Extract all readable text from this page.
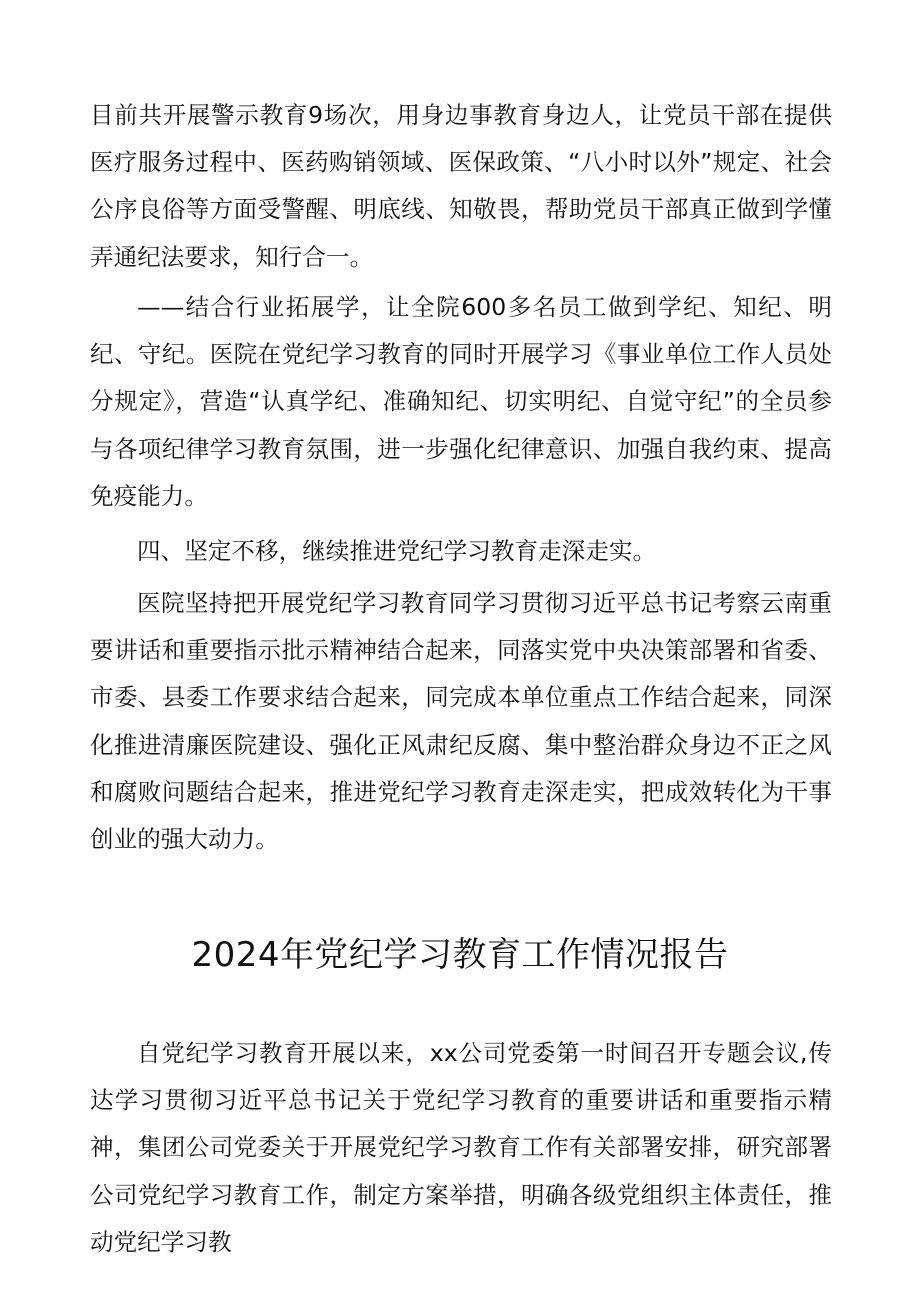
目前共开展警示教育9场次，用身边事教育身边人，让党员干部在提供医疗服务过程中、医药购销领域、医保政策、“八小时以外”规定、社会公序良俗等方面受警醒、明底线、知敬畏，帮助党员干部真正做到学懂弄通纪法要求，知行合一。

——结合行业拓展学，让全院600多名员工做到学纪、知纪、明纪、守纪。医院在党纪学习教育的同时开展学习《事业单位工作人员处分规定》，营造“认真学纪、准确知纪、切实明纪、自觉守纪”的全员参与各项纪律学习教育氛围，进一步强化纪律意识、加强自我约束、提高免疫能力。

四、坚定不移，继续推进党纪学习教育走深走实。

医院坚持把开展党纪学习教育同学习贯彻习近平总书记考察云南重要讲话和重要指示批示精神结合起来，同落实党中央决策部署和省委、市委、县委工作要求结合起来，同完成本单位重点工作结合起来，同深化推进清廉医院建设、强化正风肃纪反腐、集中整治群众身边不正之风和腐败问题结合起来，推进党纪学习教育走深走实，把成效转化为干事创业的强大动力。

2024年党纪学习教育工作情况报告

自党纪学习教育开展以来，xx公司党委第一时间召开专题会议,传达学习贯彻习近平总书记关于党纪学习教育的重要讲话和重要指示精神，集团公司党委关于开展党纪学习教育工作有关部署安排，研究部署公司党纪学习教育工作，制定方案举措，明确各级党组织主体责任，推动党纪学习教
